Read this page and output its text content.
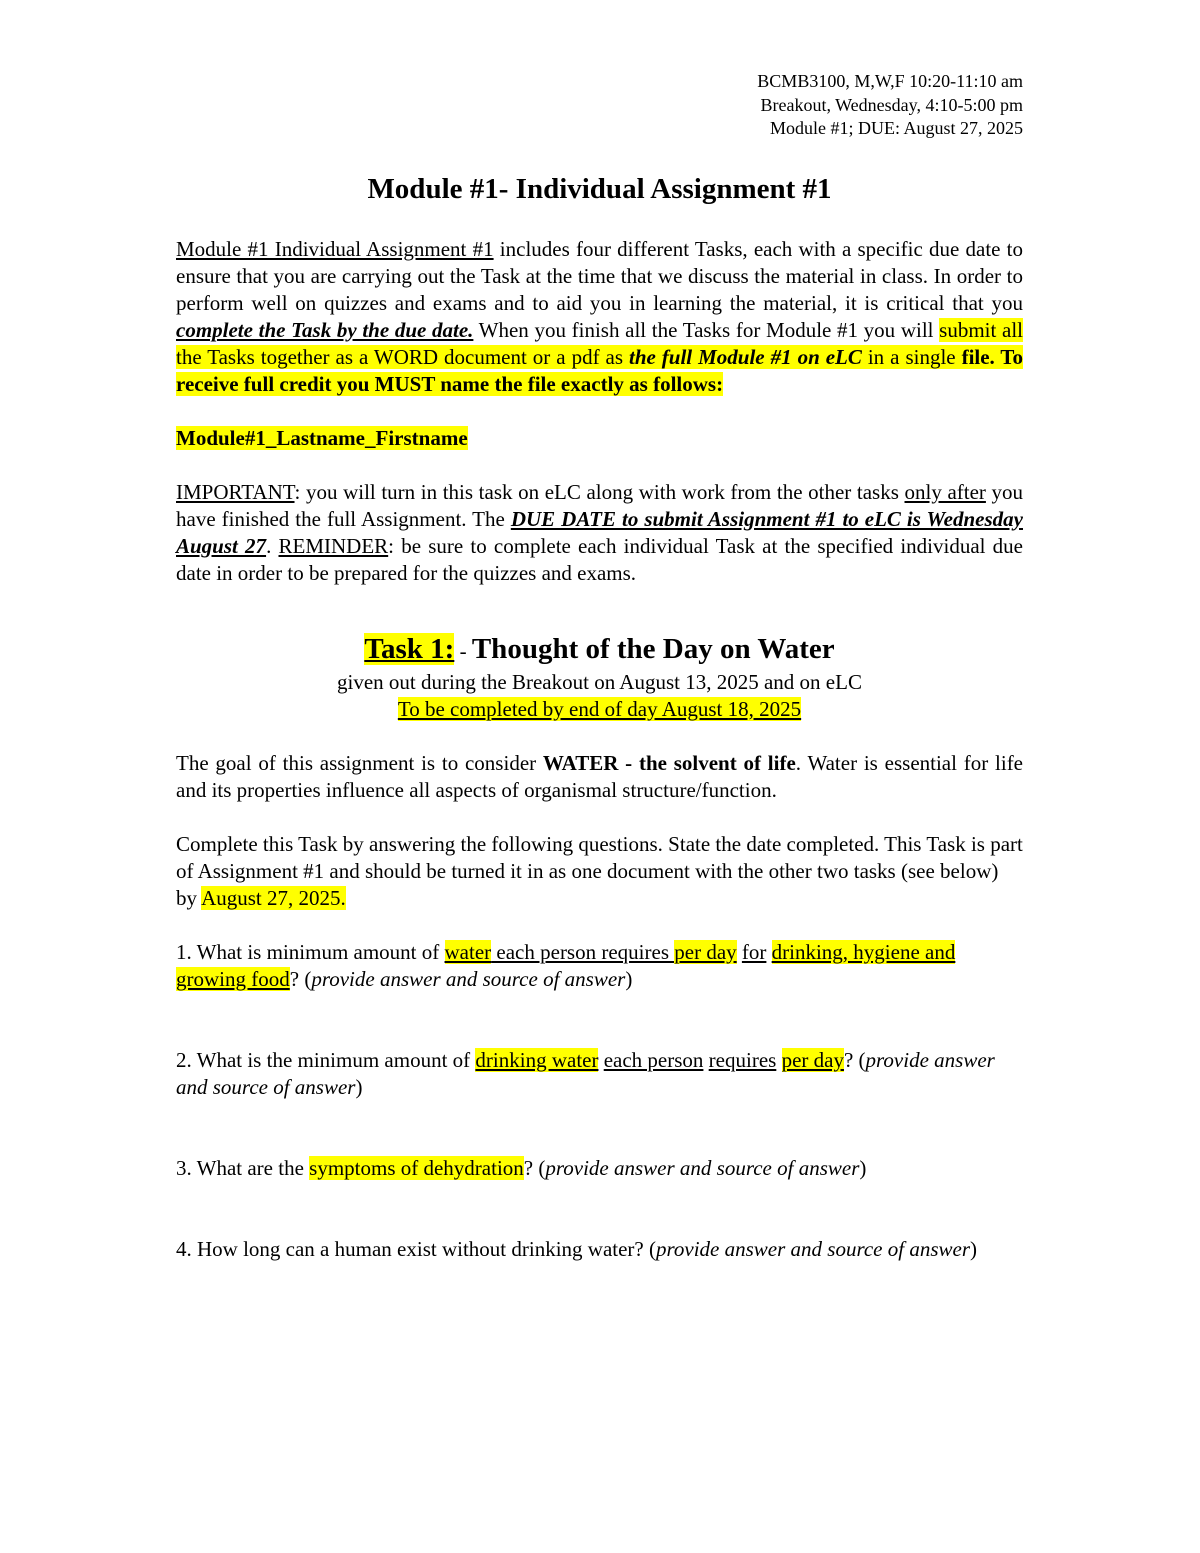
BCMB3100, M,W,F 10:20-11:10 am
Breakout, Wednesday, 4:10-5:00 pm
Module #1; DUE: August 27, 2025
Module #1- Individual Assignment #1

Module #1 Individual Assignment #1 includes four different Tasks, each with a specific due date to ensure that you are carrying out the Task at the time that we discuss the material in class. In order to perform well on quizzes and exams and to aid you in learning the material, it is critical that you complete the Task by the due date. When you finish all the Tasks for Module #1 you will submit all the Tasks together as a WORD document or a pdf as the full Module #1 on eLC in a single file. To receive full credit you MUST name the file exactly as follows:

Module#1_Lastname_Firstname

IMPORTANT: you will turn in this task on eLC along with work from the other tasks only after you have finished the full Assignment. The DUE DATE to submit Assignment #1 to eLC is Wednesday August 27. REMINDER: be sure to complete each individual Task at the specified individual due date in order to be prepared for the quizzes and exams.

Task 1: - Thought of the Day on Water
given out during the Breakout on August 13, 2025 and on eLC
To be completed by end of day August 18, 2025

The goal of this assignment is to consider WATER - the solvent of life. Water is essential for life and its properties influence all aspects of organismal structure/function.

Complete this Task by answering the following questions. State the date completed. This Task is part of Assignment #1 and should be turned it in as one document with the other two tasks (see below) by August 27, 2025.

1. What is minimum amount of water each person requires per day for drinking, hygiene and growing food? (provide answer and source of answer)

2. What is the minimum amount of drinking water each person requires per day? (provide answer and source of answer)

3. What are the symptoms of dehydration? (provide answer and source of answer)

4. How long can a human exist without drinking water? (provide answer and source of answer)
